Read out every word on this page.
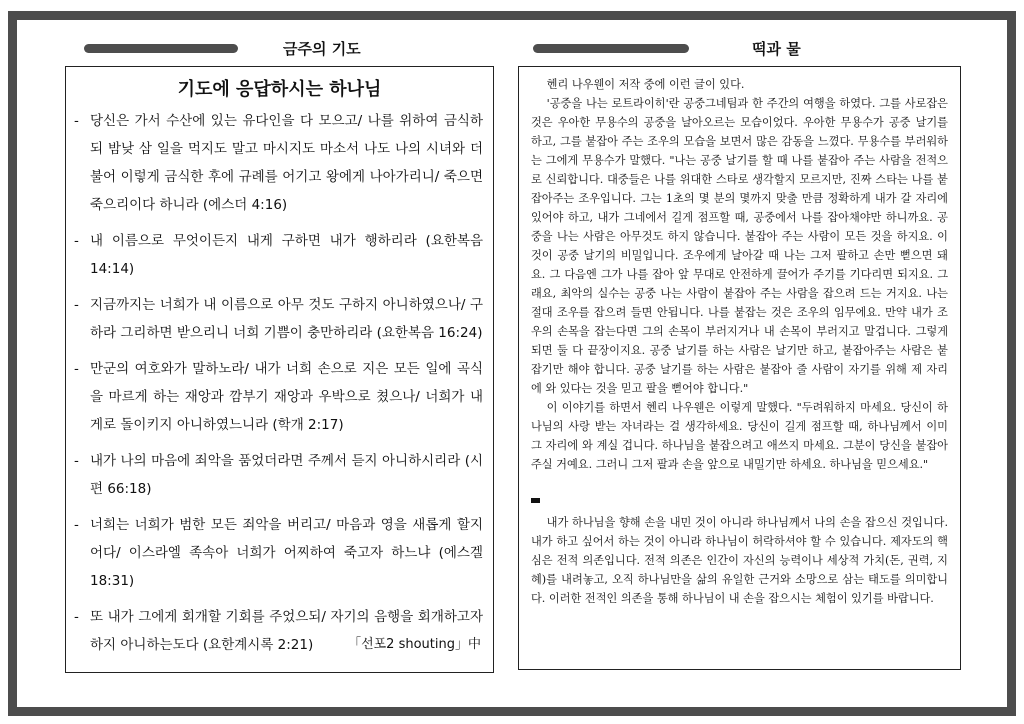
금주의 기도	떡과 물
기도에 응답하시는 하나님
- 당신은 가서 수산에 있는 유다인을 다 모으고/ 나를 위하여 금식하되 밤낮 삼 일을 먹지도 말고 마시지도 마소서 나도 나의 시녀와 더불어 이렇게 금식한 후에 규례를 어기고 왕에게 나아가리니/ 죽으면 죽으리이다 하니라 (에스더 4:16)
- 내 이름으로 무엇이든지 내게 구하면 내가 행하리라 (요한복음 14:14)
- 지금까지는 너희가 내 이름으로 아무 것도 구하지 아니하였으나/ 구하라 그리하면 받으리니 너희 기쁨이 충만하리라 (요한복음 16:24)
- 만군의 여호와가 말하노라/ 내가 너희 손으로 지은 모든 일에 곡식을 마르게 하는 재앙과 깜부기 재앙과 우박으로 쳤으나/ 너희가 내게로 돌이키지 아니하였느니라 (학개 2:17)
- 내가 나의 마음에 죄악을 품었더라면 주께서 듣지 아니하시리라 (시편 66:18)
- 너희는 너희가 범한 모든 죄악을 버리고/ 마음과 영을 새롭게 할지어다/ 이스라엘 족속아 너희가 어찌하여 죽고자 하느냐 (에스겔 18:31)
- 또 내가 그에게 회개할 기회를 주었으되/ 자기의 음행을 회개하고자 하지 아니하는도다 (요한계시록 2:21)	「선포2 shouting」中

헨리 나우웬이 저작 중에 이런 글이 있다.

'공중을 나는 로트라이히'란 공중그네팀과 한 주간의 여행을 하였다. 그를 사로잡은 것은 우아한 무용수의 공중을 날아오르는 모습이었다. 우아한 무용수가 공중 날기를 하고, 그를 붙잡아 주는 조우의 모습을 보면서 많은 감동을 느꼈다. 무용수를 부러워하는 그에게 무용수가 말했다. "나는 공중 날기를 할 때 나를 붙잡아 주는 사람을 전적으로 신뢰합니다. 대중들은 나를 위대한 스타로 생각할지 모르지만, 진짜 스타는 나를 붙잡아주는 조우입니다. 그는 1초의 몇 분의 몇까지 맞출 만큼 정확하게 내가 갈 자리에 있어야 하고, 내가 그네에서 길게 점프할 때, 공중에서 나를 잡아채야만 하니까요. 공중을 나는 사람은 아무것도 하지 않습니다. 붙잡아 주는 사람이 모든 것을 하지요. 이것이 공중 날기의 비밀입니다. 조우에게 날아갈 때 나는 그저 팔하고 손만 뻗으면 돼요. 그 다음엔 그가 나를 잡아 앞 무대로 안전하게 끌어가 주기를 기다리면 되지요. 그래요, 최악의 실수는 공중 나는 사람이 붙잡아 주는 사람을 잡으려 드는 거지요. 나는 절대 조우를 잡으려 들면 안됩니다. 나를 붙잡는 것은 조우의 임무에요. 만약 내가 조우의 손목을 잡는다면 그의 손목이 부러지거나 내 손목이 부러지고 말겁니다. 그렇게 되면 둘 다 끝장이지요. 공중 날기를 하는 사람은 날기만 하고, 붙잡아주는 사람은 붙잡기만 해야 합니다. 공중 날기를 하는 사람은 붙잡아 줄 사람이 자기를 위해 제 자리에 와 있다는 것을 믿고 팔을 뻗어야 합니다."

이 이야기를 하면서 헨리 나우웬은 이렇게 말했다. "두려워하지 마세요. 당신이 하나님의 사랑 받는 자녀라는 걸 생각하세요. 당신이 길게 점프할 때, 하나님께서 이미 그 자리에 와 계실 겁니다. 하나님을 붙잡으려고 애쓰지 마세요. 그분이 당신을 붙잡아주실 거예요. 그러니 그저 팔과 손을 앞으로 내밀기만 하세요. 하나님을 믿으세요."

내가 하나님을 향해 손을 내민 것이 아니라 하나님께서 나의 손을 잡으신 것입니다. 내가 하고 싶어서 하는 것이 아니라 하나님이 허락하셔야 할 수 있습니다. 제자도의 핵심은 전적 의존입니다. 전적 의존은 인간이 자신의 능력이나 세상적 가치(돈, 권력, 지혜)를 내려놓고, 오직 하나님만을 삶의 유일한 근거와 소망으로 삼는 태도를 의미합니다. 이러한 전적인 의존을 통해 하나님이 내 손을 잡으시는 체험이 있기를 바랍니다.
